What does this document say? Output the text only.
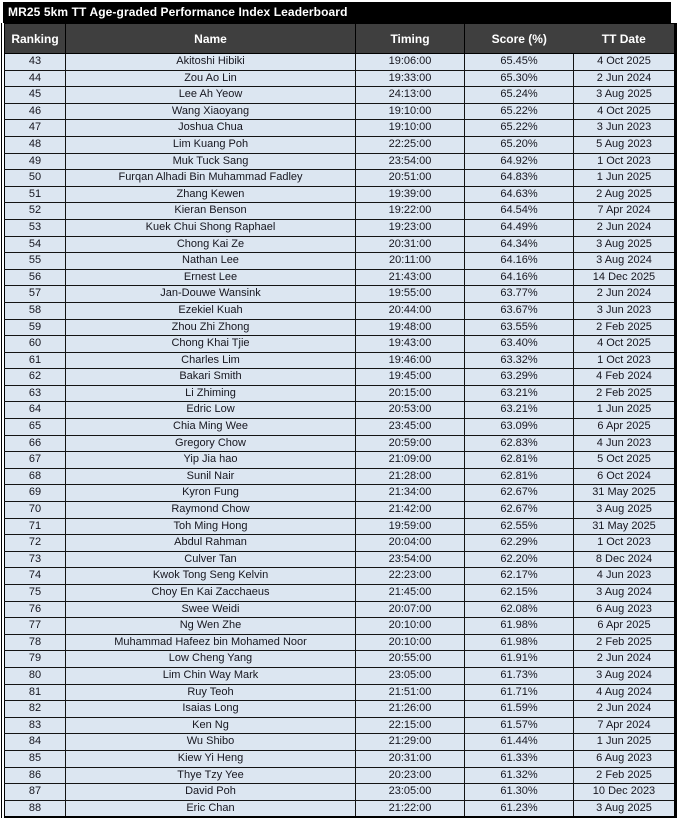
MR25 5km TT Age-graded Performance Index Leaderboard
Ranking	Name	Timing	Score (%)	TT Date
43	Akitoshi Hibiki	19:06:00	65.45%	4 Oct 2025
44	Zou Ao Lin	19:33:00	65.30%	2 Jun 2024
45	Lee Ah Yeow	24:13:00	65.24%	3 Aug 2025
46	Wang Xiaoyang	19:10:00	65.22%	4 Oct 2025
47	Joshua Chua	19:10:00	65.22%	3 Jun 2023
48	Lim Kuang Poh	22:25:00	65.20%	5 Aug 2023
49	Muk Tuck Sang	23:54:00	64.92%	1 Oct 2023
50	Furqan Alhadi Bin Muhammad Fadley	20:51:00	64.83%	1 Jun 2025
51	Zhang Kewen	19:39:00	64.63%	2 Aug 2025
52	Kieran Benson	19:22:00	64.54%	7 Apr 2024
53	Kuek Chui Shong Raphael	19:23:00	64.49%	2 Jun 2024
54	Chong Kai Ze	20:31:00	64.34%	3 Aug 2025
55	Nathan Lee	20:11:00	64.16%	3 Aug 2024
56	Ernest Lee	21:43:00	64.16%	14 Dec 2025
57	Jan-Douwe Wansink	19:55:00	63.77%	2 Jun 2024
58	Ezekiel Kuah	20:44:00	63.67%	3 Jun 2023
59	Zhou Zhi Zhong	19:48:00	63.55%	2 Feb 2025
60	Chong Khai Tjie	19:43:00	63.40%	4 Oct 2025
61	Charles Lim	19:46:00	63.32%	1 Oct 2023
62	Bakari Smith	19:45:00	63.29%	4 Feb 2024
63	Li Zhiming	20:15:00	63.21%	2 Feb 2025
64	Edric Low	20:53:00	63.21%	1 Jun 2025
65	Chia Ming Wee	23:45:00	63.09%	6 Apr 2025
66	Gregory Chow	20:59:00	62.83%	4 Jun 2023
67	Yip Jia hao	21:09:00	62.81%	5 Oct 2025
68	Sunil Nair	21:28:00	62.81%	6 Oct 2024
69	Kyron Fung	21:34:00	62.67%	31 May 2025
70	Raymond Chow	21:42:00	62.67%	3 Aug 2025
71	Toh Ming Hong	19:59:00	62.55%	31 May 2025
72	Abdul Rahman	20:04:00	62.29%	1 Oct 2023
73	Culver Tan	23:54:00	62.20%	8 Dec 2024
74	Kwok Tong Seng Kelvin	22:23:00	62.17%	4 Jun 2023
75	Choy En Kai Zacchaeus	21:45:00	62.15%	3 Aug 2024
76	Swee Weidi	20:07:00	62.08%	6 Aug 2023
77	Ng Wen Zhe	20:10:00	61.98%	6 Apr 2025
78	Muhammad Hafeez bin Mohamed Noor	20:10:00	61.98%	2 Feb 2025
79	Low Cheng Yang	20:55:00	61.91%	2 Jun 2024
80	Lim Chin Way Mark	23:05:00	61.73%	3 Aug 2024
81	Ruy Teoh	21:51:00	61.71%	4 Aug 2024
82	Isaias Long	21:26:00	61.59%	2 Jun 2024
83	Ken Ng	22:15:00	61.57%	7 Apr 2024
84	Wu Shibo	21:29:00	61.44%	1 Jun 2025
85	Kiew Yi Heng	20:31:00	61.33%	6 Aug 2023
86	Thye Tzy Yee	20:23:00	61.32%	2 Feb 2025
87	David Poh	23:05:00	61.30%	10 Dec 2023
88	Eric Chan	21:22:00	61.23%	3 Aug 2025
